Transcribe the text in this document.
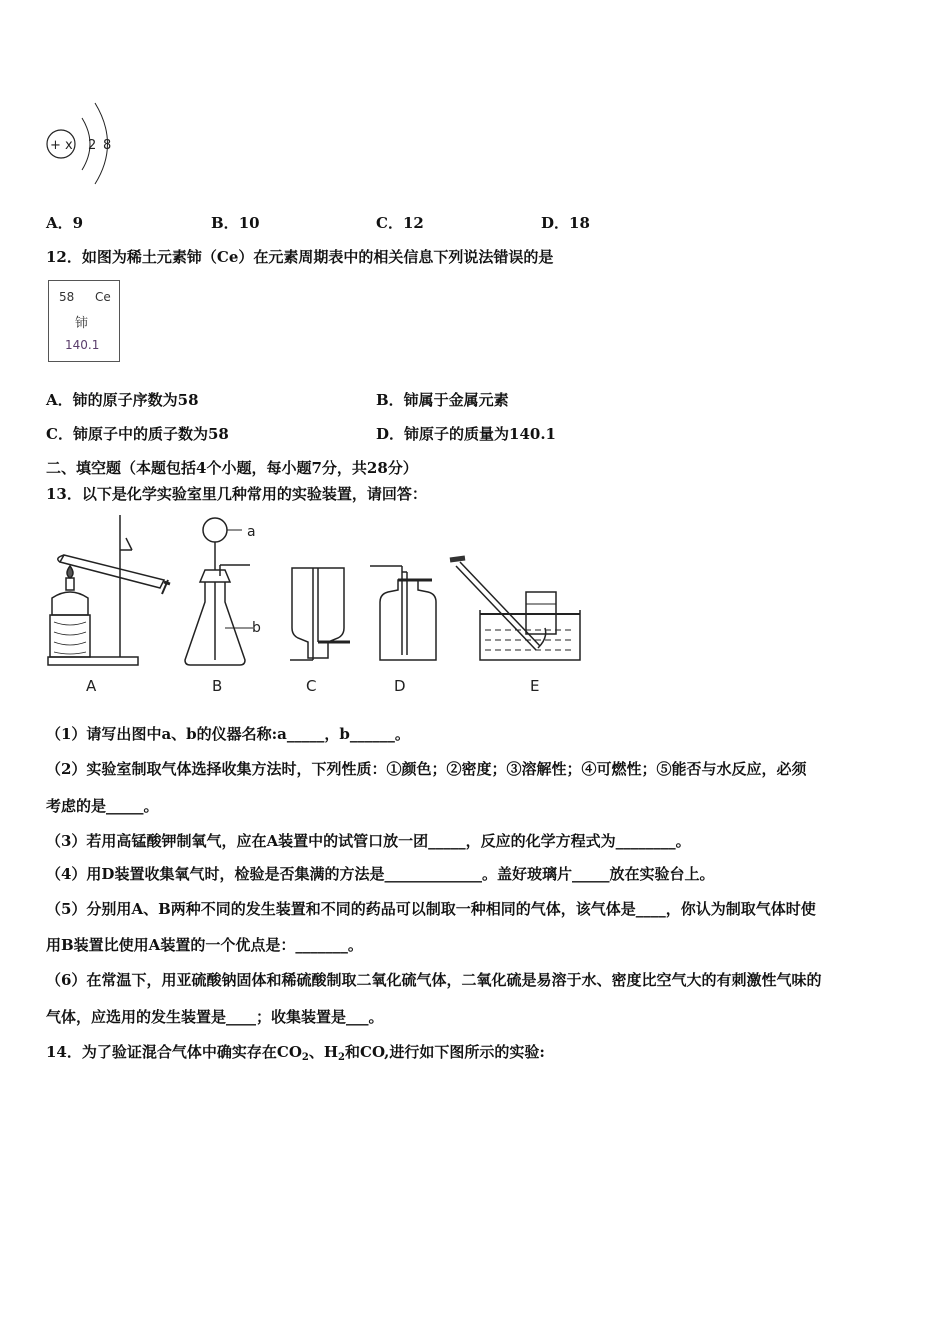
+ x 2 8
A．9	B．10	C．12	D．18
12．如图为稀土元素铈（Ce）在元素周期表中的相关信息下列说法错误的是
58 Ce
铈
140.1
A．铈的原子序数为58	B．铈属于金属元素
C．铈原子中的质子数为58	D．铈原子的质量为140.1
二、填空题（本题包括4个小题，每小题7分，共28分）
13．以下是化学实验室里几种常用的实验装置，请回答：
a
b
A	B	C	D	E
（1）请写出图中a、b的仪器名称:a_____，b______。
（2）实验室制取气体选择收集方法时，下列性质：①颜色；②密度；③溶解性；④可燃性；⑤能否与水反应，必须
考虑的是_____。
（3）若用高锰酸钾制氧气，应在A装置中的试管口放一团_____，反应的化学方程式为________。
（4）用D装置收集氧气时，检验是否集满的方法是_____________。盖好玻璃片_____放在实验台上。
（5）分别用A、B两种不同的发生装置和不同的药品可以制取一种相同的气体，该气体是____，你认为制取气体时使
用B装置比使用A装置的一个优点是：_______。
（6）在常温下，用亚硫酸钠固体和稀硫酸制取二氧化硫气体，二氧化硫是易溶于水、密度比空气大的有刺激性气味的
气体，应选用的发生装置是____；收集装置是___。
14．为了验证混合气体中确实存在$CO_2$、$H_2$和CO,进行如下图所示的实验:
